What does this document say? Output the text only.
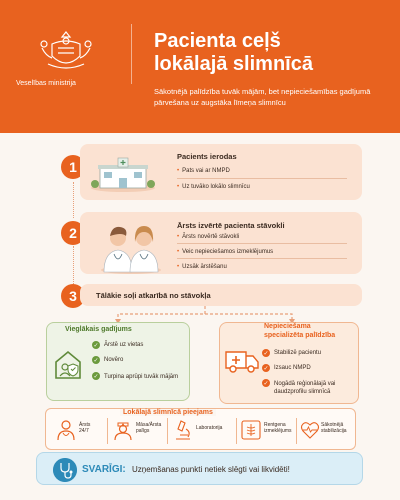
Veselības ministrija
Pacienta ceļš
lokālajā slimnīcā
Sākotnējā palīdzība tuvāk mājām, bet nepieciešamības gadījumā pārvešana uz augstāka līmeņa slimnīcu
1
Pacients ierodas
• Pats vai ar NMPD
• Uz tuvāko lokālo slimnīcu
2	Ārsts izvērtē pacienta stāvokli
• Ārsts novērtē stāvokli
• Veic nepieciešamos izmeklējumus
• Uzsāk ārstēšanu
3	Tālākie soļi atkarībā no stāvokļa
Vieglākais gadījums
✓ Ārstē uz vietas
✓ Novēro
✓ Turpina aprūpi tuvāk mājām
Nepieciešama
specializēta palīdzība
✓ Stabilizē pacientu
✓ Izsauc NMPD
✓ Nogādā reģionālajā vai daudzprofilu slimnīcā
Lokālajā slimnīcā pieejams
Ārsts
24/7
Māsa/Ārsta
palīgs	Laboratorija	Rentgena
izmeklējums
Sākotnējā
stabilizācija
SVARĪGI: Uzņemšanas punkti netiek slēgti vai likvidēti!
